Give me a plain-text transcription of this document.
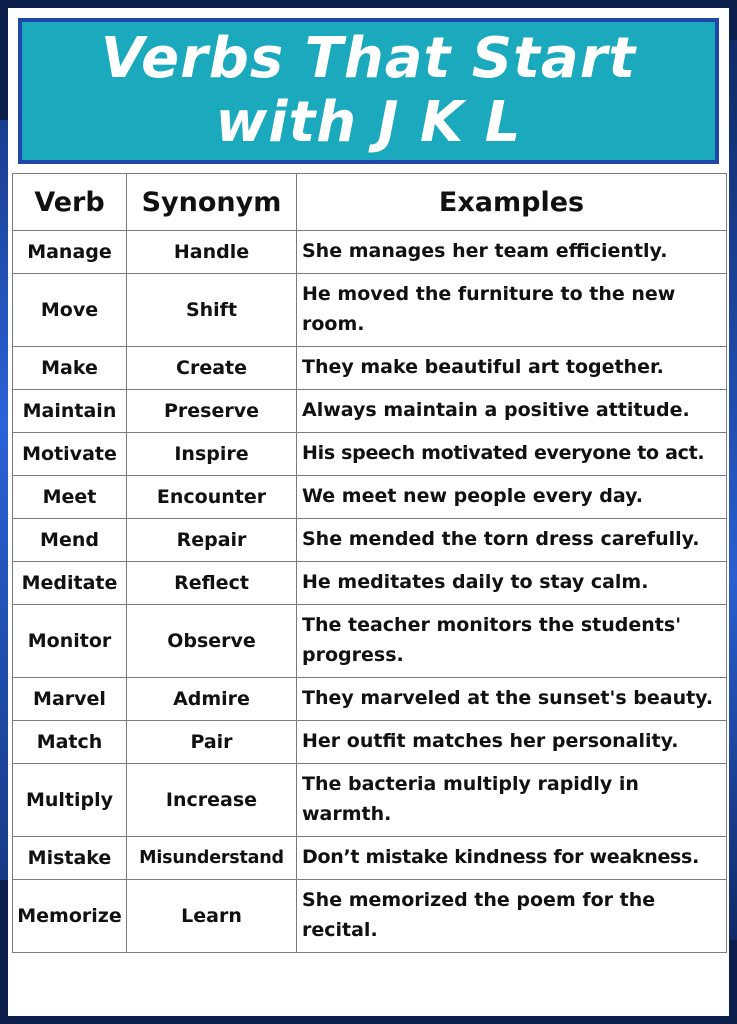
Verbs That Start
with J K L
Verb	Synonym	Examples
Manage	Handle	She manages her team efficiently.
Move	Shift	He moved the furniture to the new room.
Make	Create	They make beautiful art together.
Maintain	Preserve	Always maintain a positive attitude.
Motivate	Inspire	His speech motivated everyone to act.
Meet	Encounter	We meet new people every day.
Mend	Repair	She mended the torn dress carefully.
Meditate	Reflect	He meditates daily to stay calm.
Monitor	Observe	The teacher monitors the students' progress.
Marvel	Admire	They marveled at the sunset's beauty.
Match	Pair	Her outfit matches her personality.
Multiply	Increase	The bacteria multiply rapidly in warmth.
Mistake	Misunderstand	Don’t mistake kindness for weakness.
Memorize	Learn	She memorized the poem for the recital.
